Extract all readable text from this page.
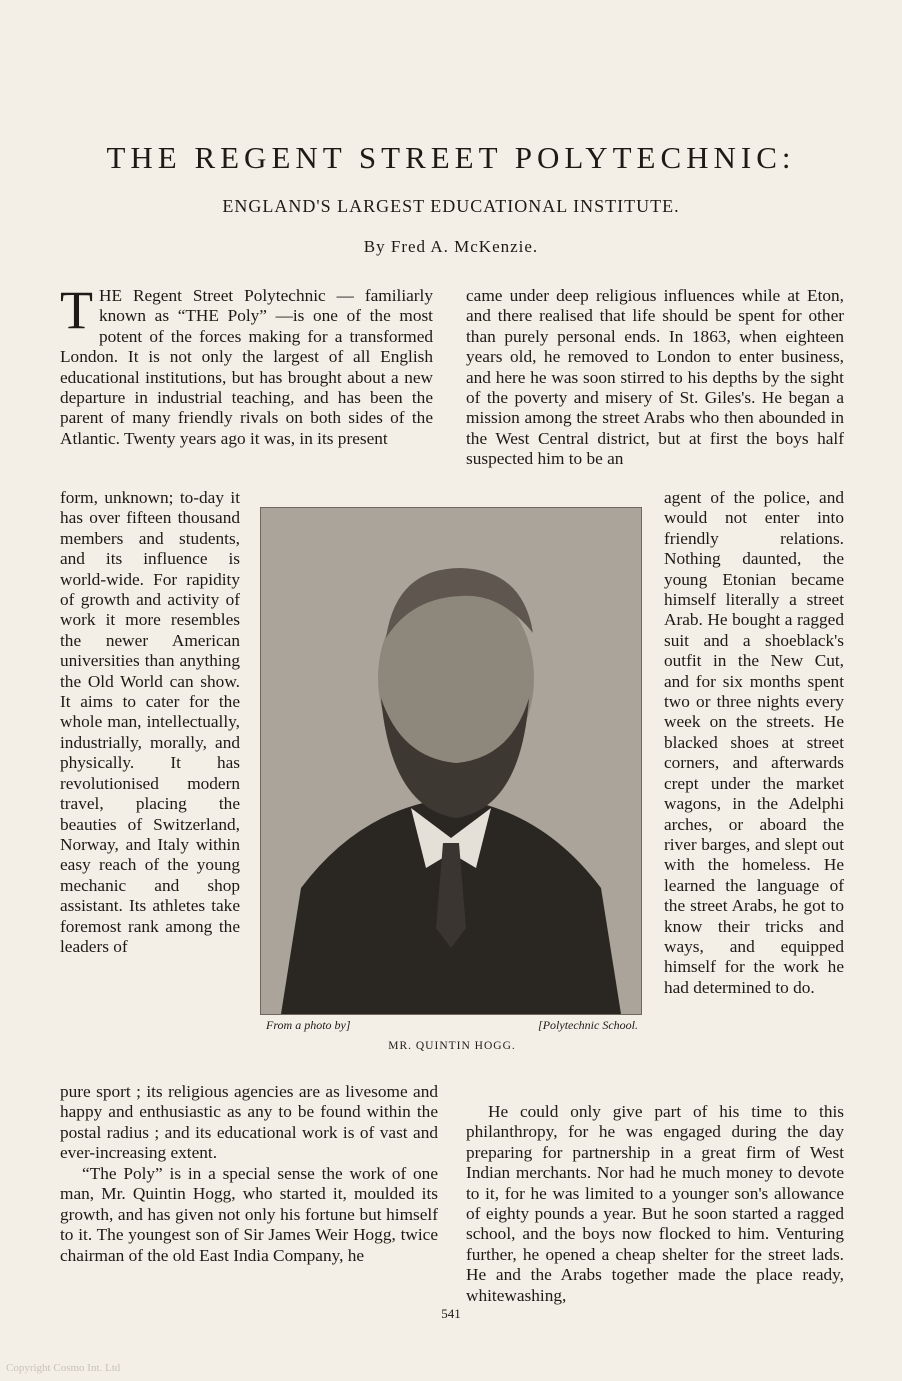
THE REGENT STREET POLYTECHNIC:
ENGLAND'S LARGEST EDUCATIONAL INSTITUTE.
By Fred A. McKenzie.

THE Regent Street Polytechnic — familiarly known as “THE Poly” —is one of the most potent of the forces making for a transformed London. It is not only the largest of all English educational institutions, but has brought about a new departure in industrial teaching, and has been the parent of many friendly rivals on both sides of the Atlantic. Twenty years ago it was, in its present

form, unknown; to-day it has over fifteen thousand members and students, and its influence is world-wide. For rapidity of growth and activity of work it more resembles the newer American universities than anything the Old World can show. It aims to cater for the whole man, intellectually, industrially, morally, and physically. It has revolutionised modern travel, placing the beauties of Switzerland, Norway, and Italy within easy reach of the young mechanic and shop assistant. Its athletes take foremost rank among the leaders of

From a photo by]	[Polytechnic School.
MR. QUINTIN HOGG.

pure sport ; its religious agencies are as livesome and happy and enthusiastic as any to be found within the postal radius ; and its educational work is of vast and ever-increasing extent.

“The Poly” is in a special sense the work of one man, Mr. Quintin Hogg, who started it, moulded its growth, and has given not only his fortune but himself to it. The youngest son of Sir James Weir Hogg, twice chairman of the old East India Company, he

came under deep religious influences while at Eton, and there realised that life should be spent for other than purely personal ends. In 1863, when eighteen years old, he removed to London to enter business, and here he was soon stirred to his depths by the sight of the poverty and misery of St. Giles's. He began a mission among the street Arabs who then abounded in the West Central district, but at first the boys half suspected him to be an

agent of the police, and would not enter into friendly relations. Nothing daunted, the young Etonian became himself literally a street Arab. He bought a ragged suit and a shoeblack's outfit in the New Cut, and for six months spent two or three nights every week on the streets. He blacked shoes at street corners, and afterwards crept under the market wagons, in the Adelphi arches, or aboard the river barges, and slept out with the homeless. He learned the language of the street Arabs, he got to know their tricks and ways, and equipped himself for the work he had determined to do.

He could only give part of his time to this philanthropy, for he was engaged during the day preparing for partnership in a great firm of West Indian merchants. Nor had he much money to devote to it, for he was limited to a younger son's allowance of eighty pounds a year. But he soon started a ragged school, and the boys now flocked to him. Venturing further, he opened a cheap shelter for the street lads. He and the Arabs together made the place ready, whitewashing,

541
Copyright Cosmo Int. Ltd
